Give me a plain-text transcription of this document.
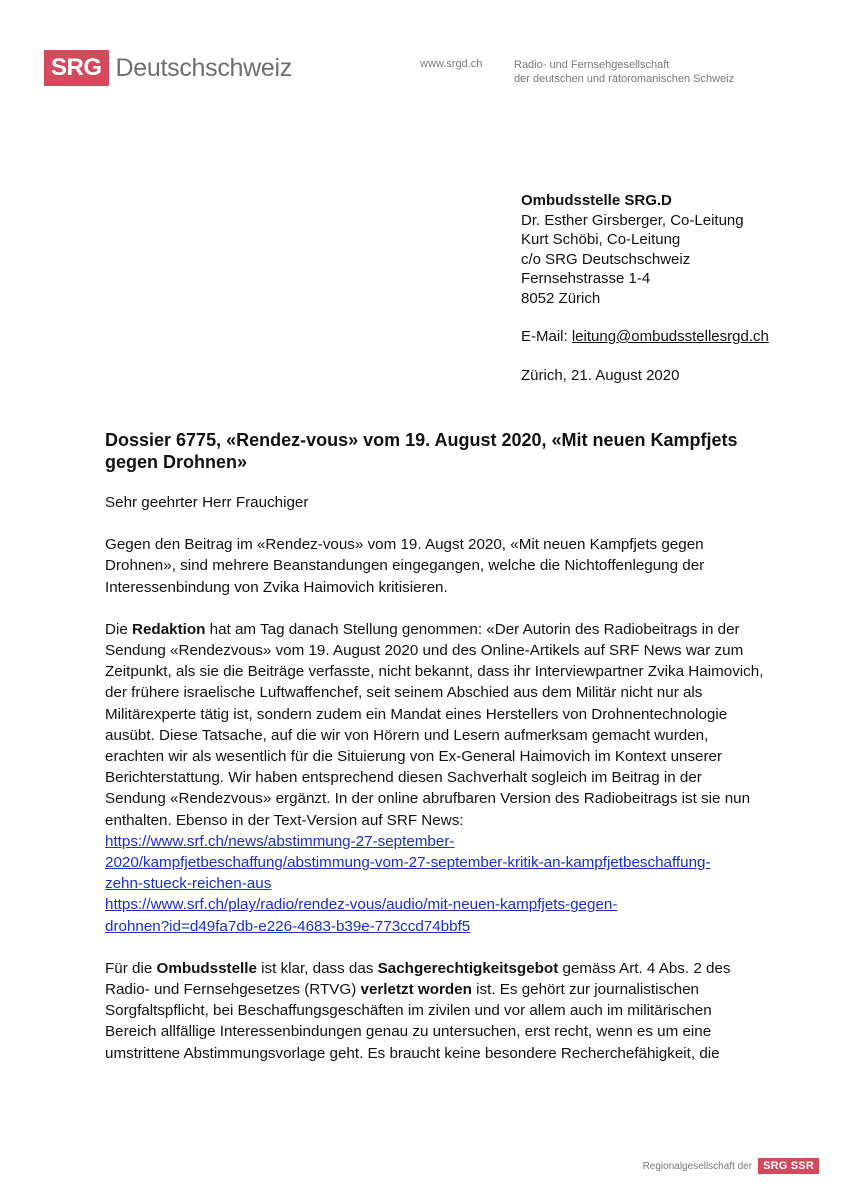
SRG Deutschschweiz	www.srgd.ch	Radio- und Fernsehgesellschaft
der deutschen und rätoromanischen Schweiz
Ombudsstelle SRG.D
Dr. Esther Girsberger, Co-Leitung
Kurt Schöbi, Co-Leitung
c/o SRG Deutschschweiz
Fernsehstrasse 1-4
8052 Zürich
E-Mail: leitung@ombudsstellesrgd.ch
Zürich, 21. August 2020
Dossier 6775, «Rendez-vous» vom 19. August 2020, «Mit neuen Kampfjets gegen Drohnen»

Sehr geehrter Herr Frauchiger

Gegen den Beitrag im «Rendez-vous» vom 19. Augst 2020, «Mit neuen Kampfjets gegen Drohnen», sind mehrere Beanstandungen eingegangen, welche die Nichtoffenlegung der Interessenbindung von Zvika Haimovich kritisieren.

Die Redaktion hat am Tag danach Stellung genommen: «Der Autorin des Radiobeitrags in der Sendung «Rendezvous» vom 19. August 2020 und des Online-Artikels auf SRF News war zum Zeitpunkt, als sie die Beiträge verfasste, nicht bekannt, dass ihr Interviewpartner Zvika Haimovich, der frühere israelische Luftwaffenchef, seit seinem Abschied aus dem Militär nicht nur als Militärexperte tätig ist, sondern zudem ein Mandat eines Herstellers von Drohnentechnologie ausübt. Diese Tatsache, auf die wir von Hörern und Lesern aufmerksam gemacht wurden, erachten wir als wesentlich für die Situierung von Ex-General Haimovich im Kontext unserer Berichterstattung. Wir haben entsprechend diesen Sachverhalt sogleich im Beitrag in der Sendung «Rendezvous» ergänzt. In der online abrufbaren Version des Radiobeitrags ist sie nun enthalten. Ebenso in der Text-Version auf SRF News:
https://www.srf.ch/news/abstimmung-27-september-
2020/kampfjetbeschaffung/abstimmung-vom-27-september-kritik-an-kampfjetbeschaffung-
zehn-stueck-reichen-aus
https://www.srf.ch/play/radio/rendez-vous/audio/mit-neuen-kampfjets-gegen-
drohnen?id=d49fa7db-e226-4683-b39e-773ccd74bbf5

Für die Ombudsstelle ist klar, dass das Sachgerechtigkeitsgebot gemäss Art. 4 Abs. 2 des Radio- und Fernsehgesetzes (RTVG) verletzt worden ist. Es gehört zur journalistischen Sorgfaltspflicht, bei Beschaffungsgeschäften im zivilen und vor allem auch im militärischen Bereich allfällige Interessenbindungen genau zu untersuchen, erst recht, wenn es um eine umstrittene Abstimmungsvorlage geht. Es braucht keine besondere Recherchefähigkeit, die

Regionalgesellschaft der	SRG SSR
